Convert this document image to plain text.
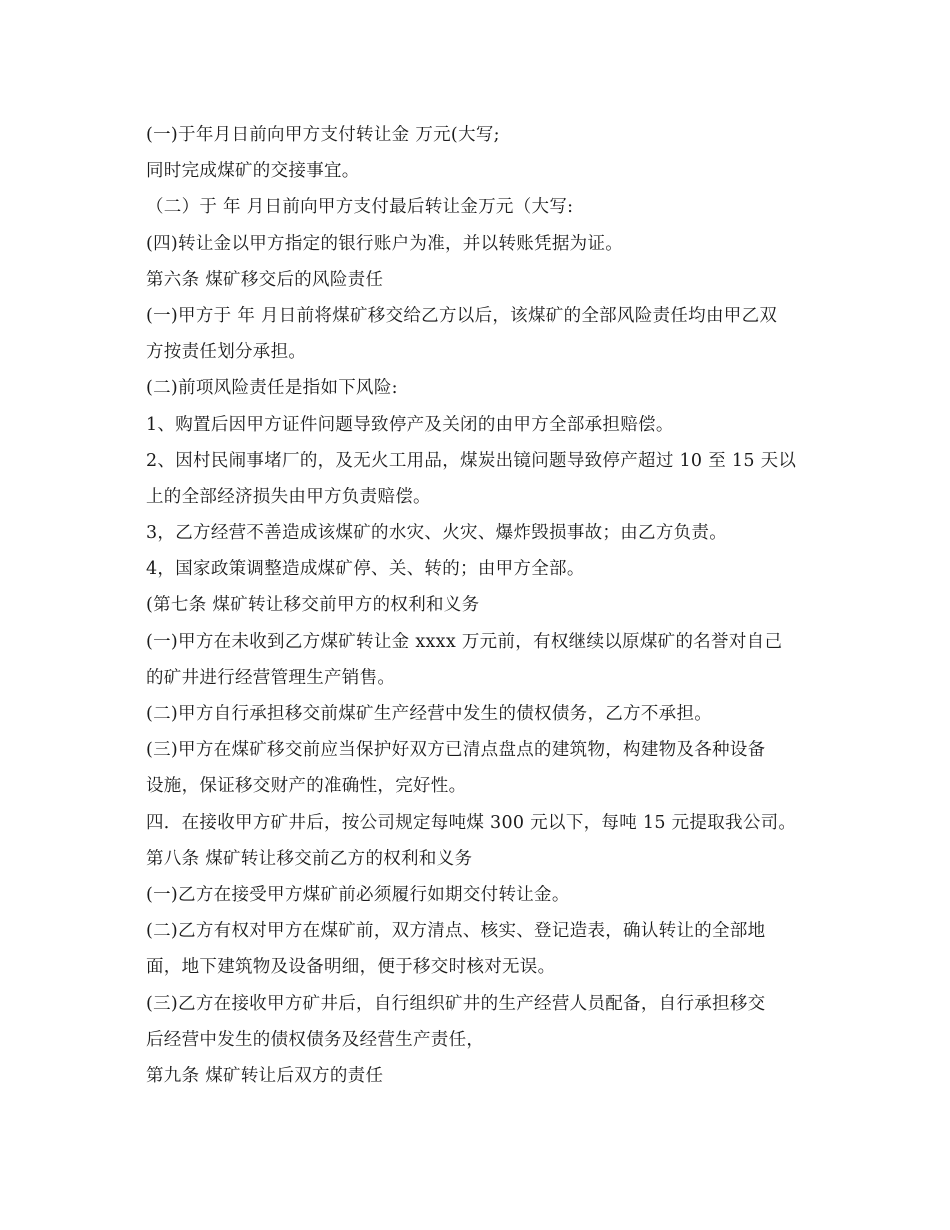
(一)于年月日前向甲方支付转让金 万元(大写;
同时完成煤矿的交接事宜。
（二）于 年 月日前向甲方支付最后转让金万元（大写:
(四)转让金以甲方指定的银行账户为准，并以转账凭据为证。
第六条 煤矿移交后的风险责任
(一)甲方于 年 月日前将煤矿移交给乙方以后，该煤矿的全部风险责任均由甲乙双
方按责任划分承担。
(二)前项风险责任是指如下风险:
1、购置后因甲方证件问题导致停产及关闭的由甲方全部承担赔偿。
2、因村民闹事堵厂的，及无火工用品，煤炭出镜问题导致停产超过 10 至 15 天以
上的全部经济损失由甲方负责赔偿。
3，乙方经营不善造成该煤矿的水灾、火灾、爆炸毁损事故；由乙方负责。
4，国家政策调整造成煤矿停、关、转的；由甲方全部。
(第七条 煤矿转让移交前甲方的权利和义务
(一)甲方在未收到乙方煤矿转让金 xxxx 万元前，有权继续以原煤矿的名誉对自己
的矿井进行经营管理生产销售。
(二)甲方自行承担移交前煤矿生产经营中发生的债权债务，乙方不承担。
(三)甲方在煤矿移交前应当保护好双方已清点盘点的建筑物，构建物及各种设备
设施，保证移交财产的准确性，完好性。
四．在接收甲方矿井后，按公司规定每吨煤 300 元以下，每吨 15 元提取我公司。
第八条 煤矿转让移交前乙方的权利和义务
(一)乙方在接受甲方煤矿前必须履行如期交付转让金。
(二)乙方有权对甲方在煤矿前，双方清点、核实、登记造表，确认转让的全部地
面，地下建筑物及设备明细，便于移交时核对无误。
(三)乙方在接收甲方矿井后，自行组织矿井的生产经营人员配备，自行承担移交
后经营中发生的债权债务及经营生产责任，
第九条 煤矿转让后双方的责任
